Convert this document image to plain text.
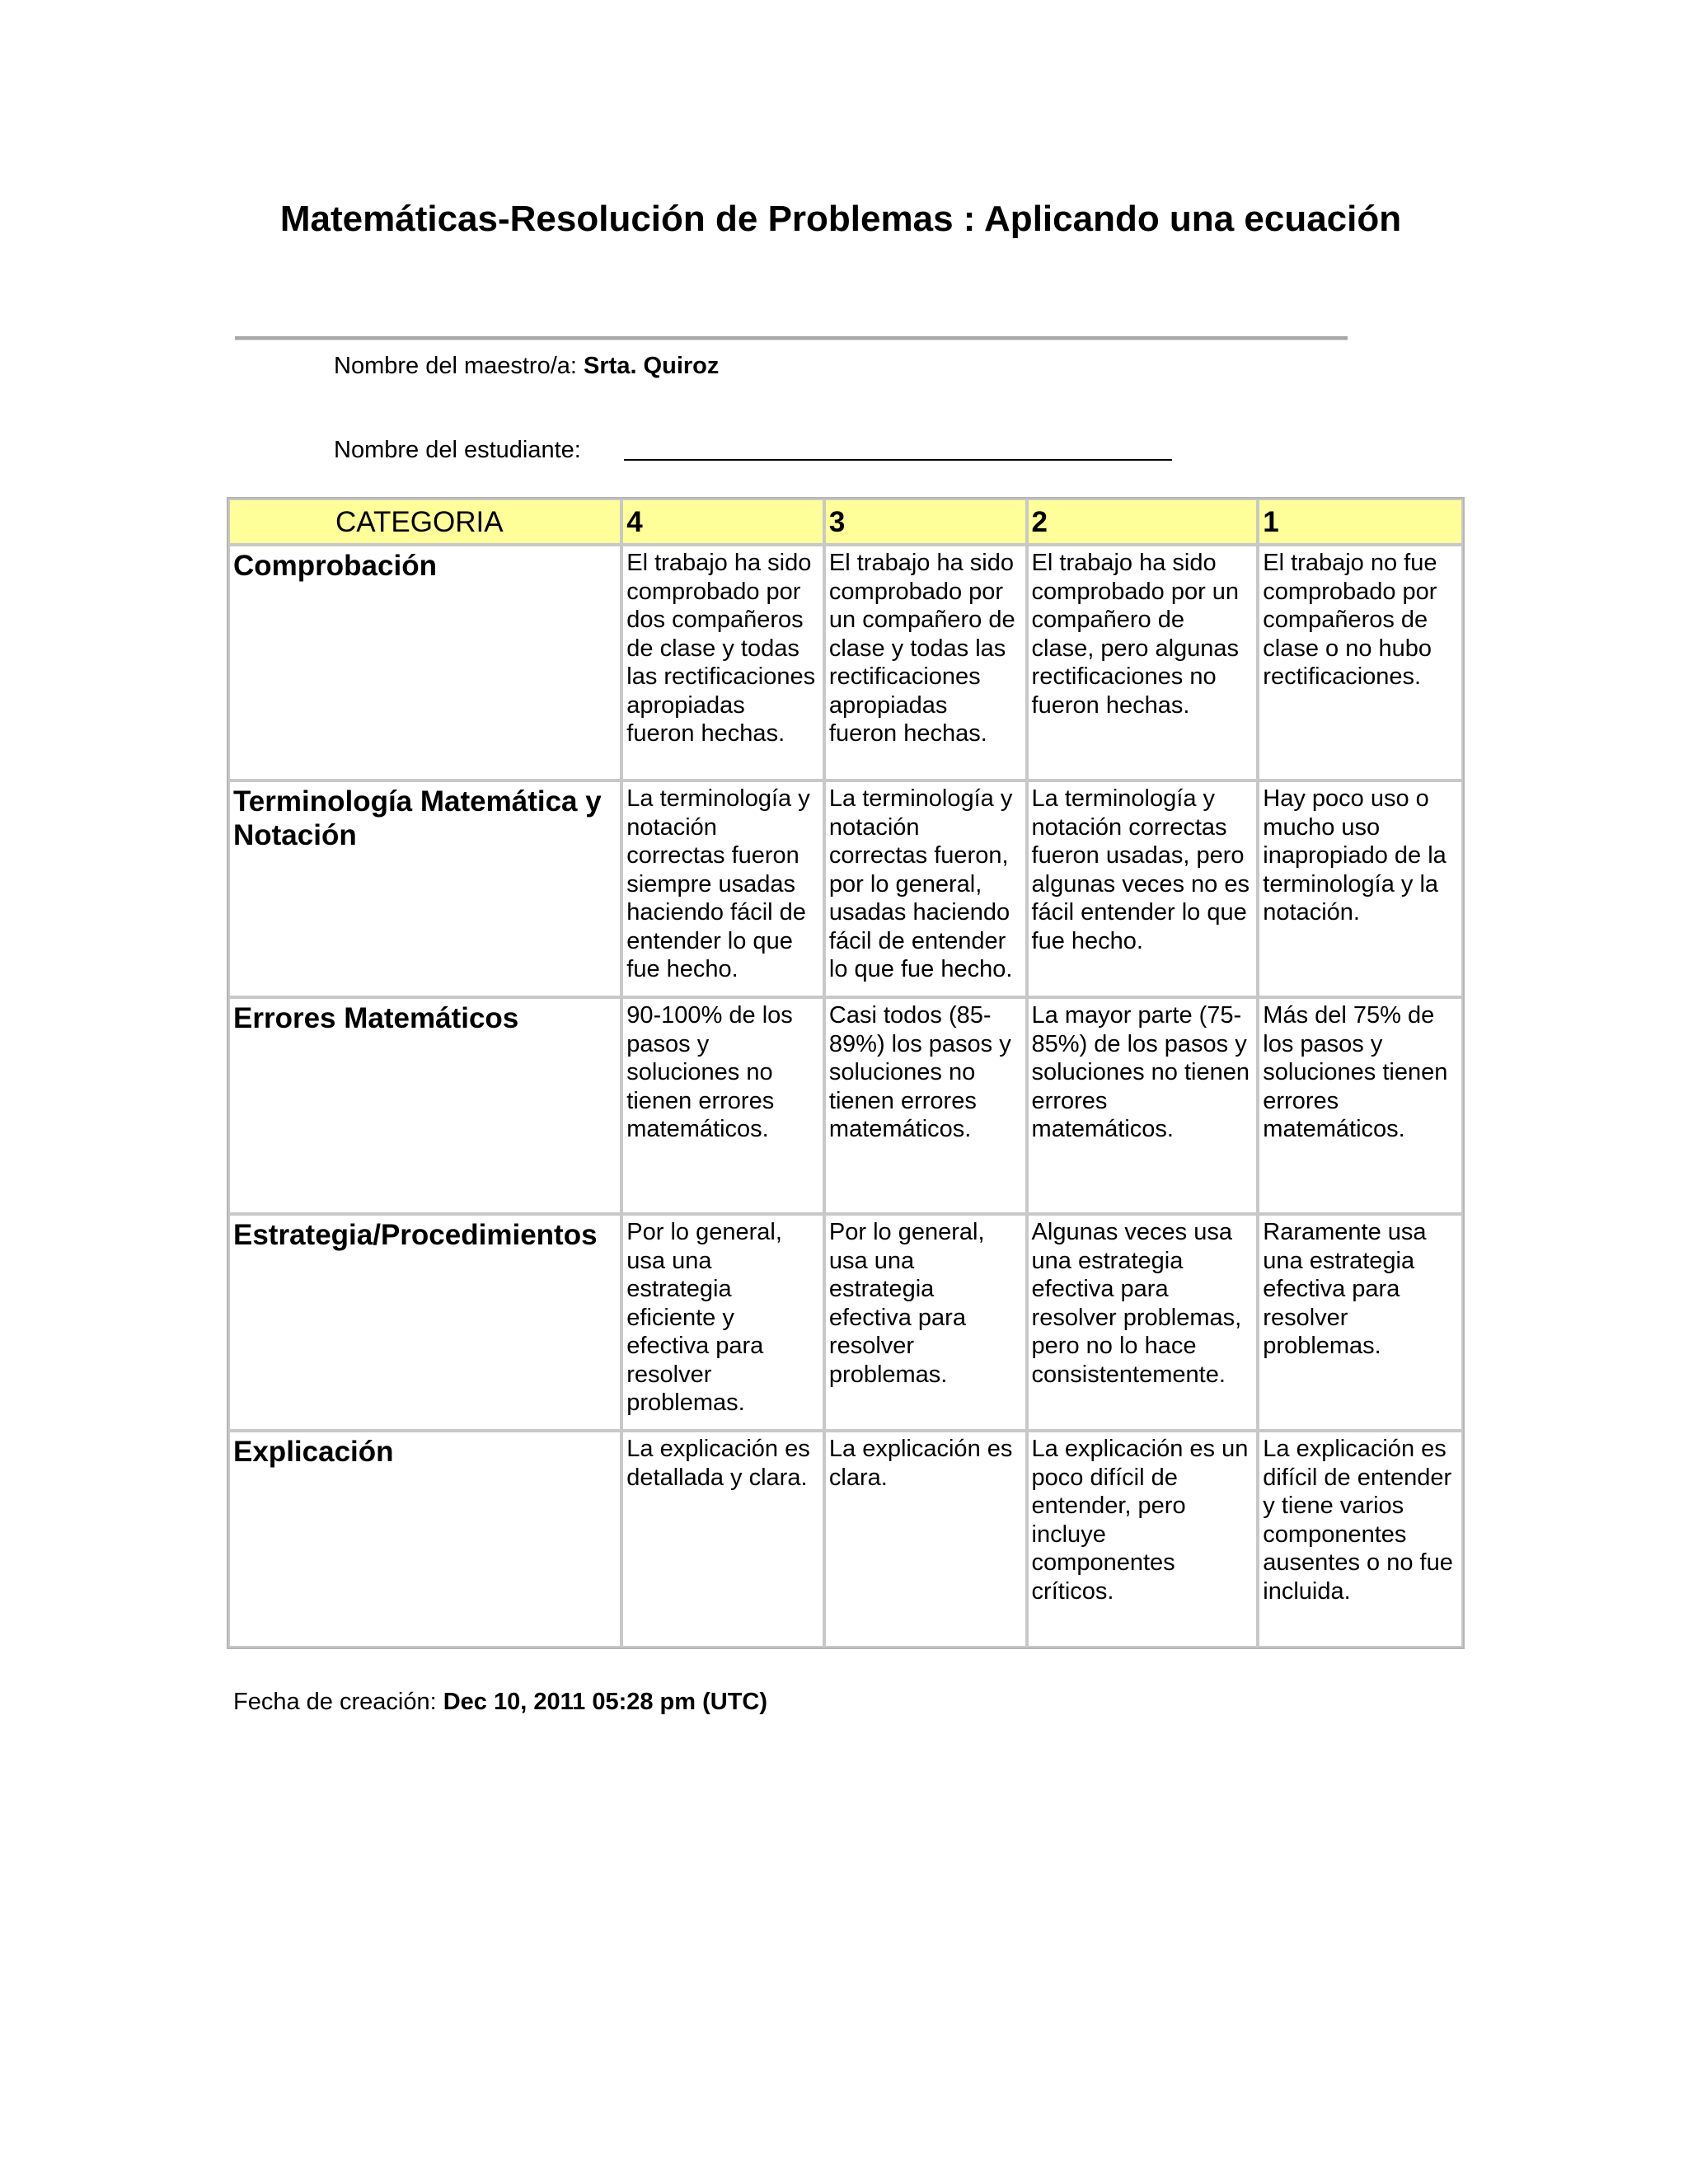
Matemáticas-Resolución de Problemas : Aplicando una ecuación
Nombre del maestro/a: Srta. Quiroz
Nombre del estudiante:
CATEGORIA	4	3	2	1
Comprobación	El trabajo ha sido comprobado por dos compañeros de clase y todas las rectificaciones apropiadas fueron hechas.	El trabajo ha sido comprobado por un compañero de clase y todas las rectificaciones apropiadas fueron hechas.	El trabajo ha sido comprobado por un compañero de clase, pero algunas rectificaciones no fueron hechas.	El trabajo no fue comprobado por compañeros de clase o no hubo rectificaciones.
Terminología Matemática y Notación	La terminología y notación correctas fueron siempre usadas haciendo fácil de entender lo que fue hecho.	La terminología y notación correctas fueron, por lo general, usadas haciendo fácil de entender lo que fue hecho.	La terminología y notación correctas fueron usadas, pero algunas veces no es fácil entender lo que fue hecho.	Hay poco uso o mucho uso inapropiado de la terminología y la notación.
Errores Matemáticos	90-100% de los pasos y soluciones no tienen errores matemáticos.	Casi todos (85-89%) los pasos y soluciones no tienen errores matemáticos.	La mayor parte (75-85%) de los pasos y soluciones no tienen errores matemáticos.	Más del 75% de los pasos y soluciones tienen errores matemáticos.
Estrategia/Procedimientos	Por lo general, usa una estrategia eficiente y efectiva para resolver problemas.	Por lo general, usa una estrategia efectiva para resolver problemas.	Algunas veces usa una estrategia efectiva para resolver problemas, pero no lo hace consistentemente.	Raramente usa una estrategia efectiva para resolver problemas.
Explicación	La explicación es detallada y clara.	La explicación es clara.	La explicación es un poco difícil de entender, pero incluye componentes críticos.	La explicación es difícil de entender y tiene varios componentes ausentes o no fue incluida.
Fecha de creación: Dec 10, 2011 05:28 pm (UTC)
